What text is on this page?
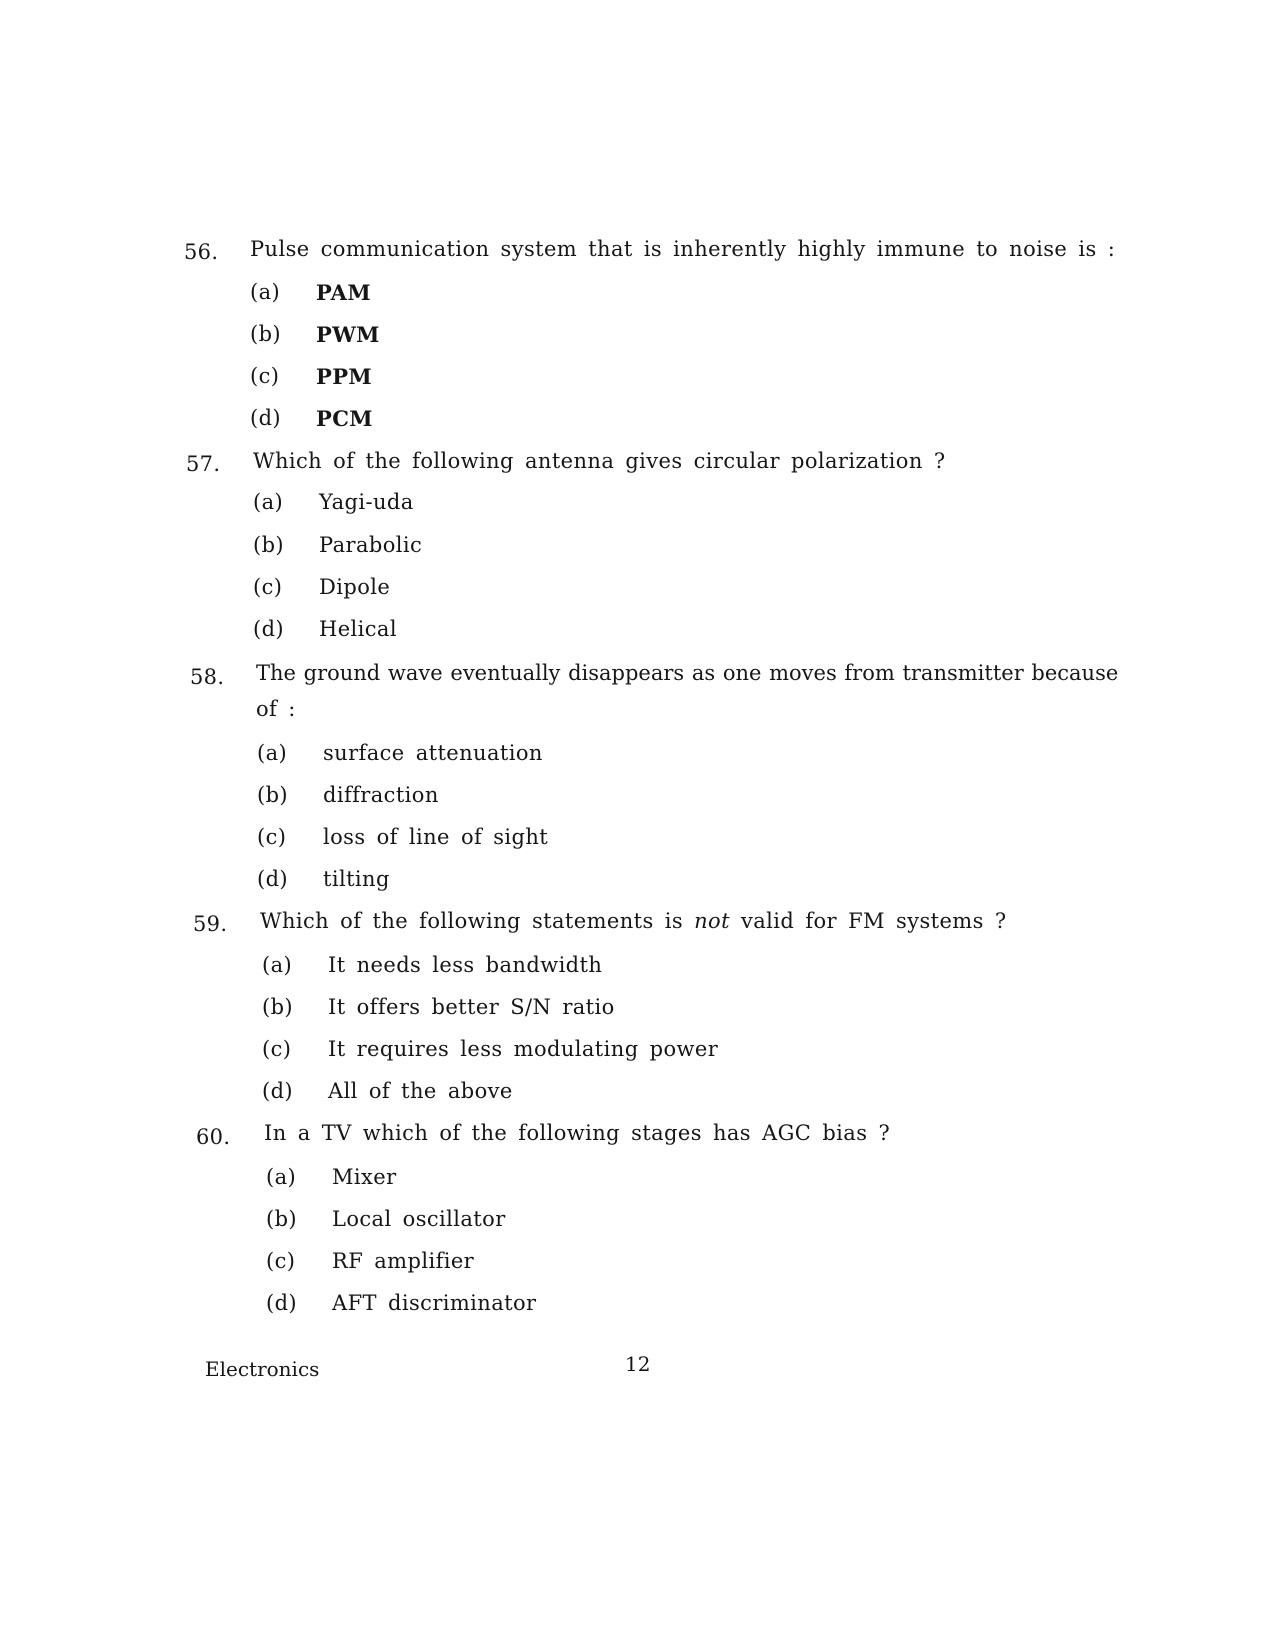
56. Pulse communication system that is inherently highly immune to noise is :
(a) PAM
(b) PWM
(c) PPM
(d) PCM
57. Which of the following antenna gives circular polarization ?
(a) Yagi-uda
(b) Parabolic
(c) Dipole
(d) Helical
58. The ground wave eventually disappears as one moves from transmitter because
of :
(a) surface attenuation
(b) diffraction
(c) loss of line of sight
(d) tilting
59. Which of the following statements is not valid for FM systems ?
(a) It needs less bandwidth
(b) It offers better S/N ratio
(c) It requires less modulating power
(d) All of the above
60. In a TV which of the following stages has AGC bias ?
(a) Mixer
(b) Local oscillator
(c) RF amplifier
(d) AFT discriminator
Electronics	12
